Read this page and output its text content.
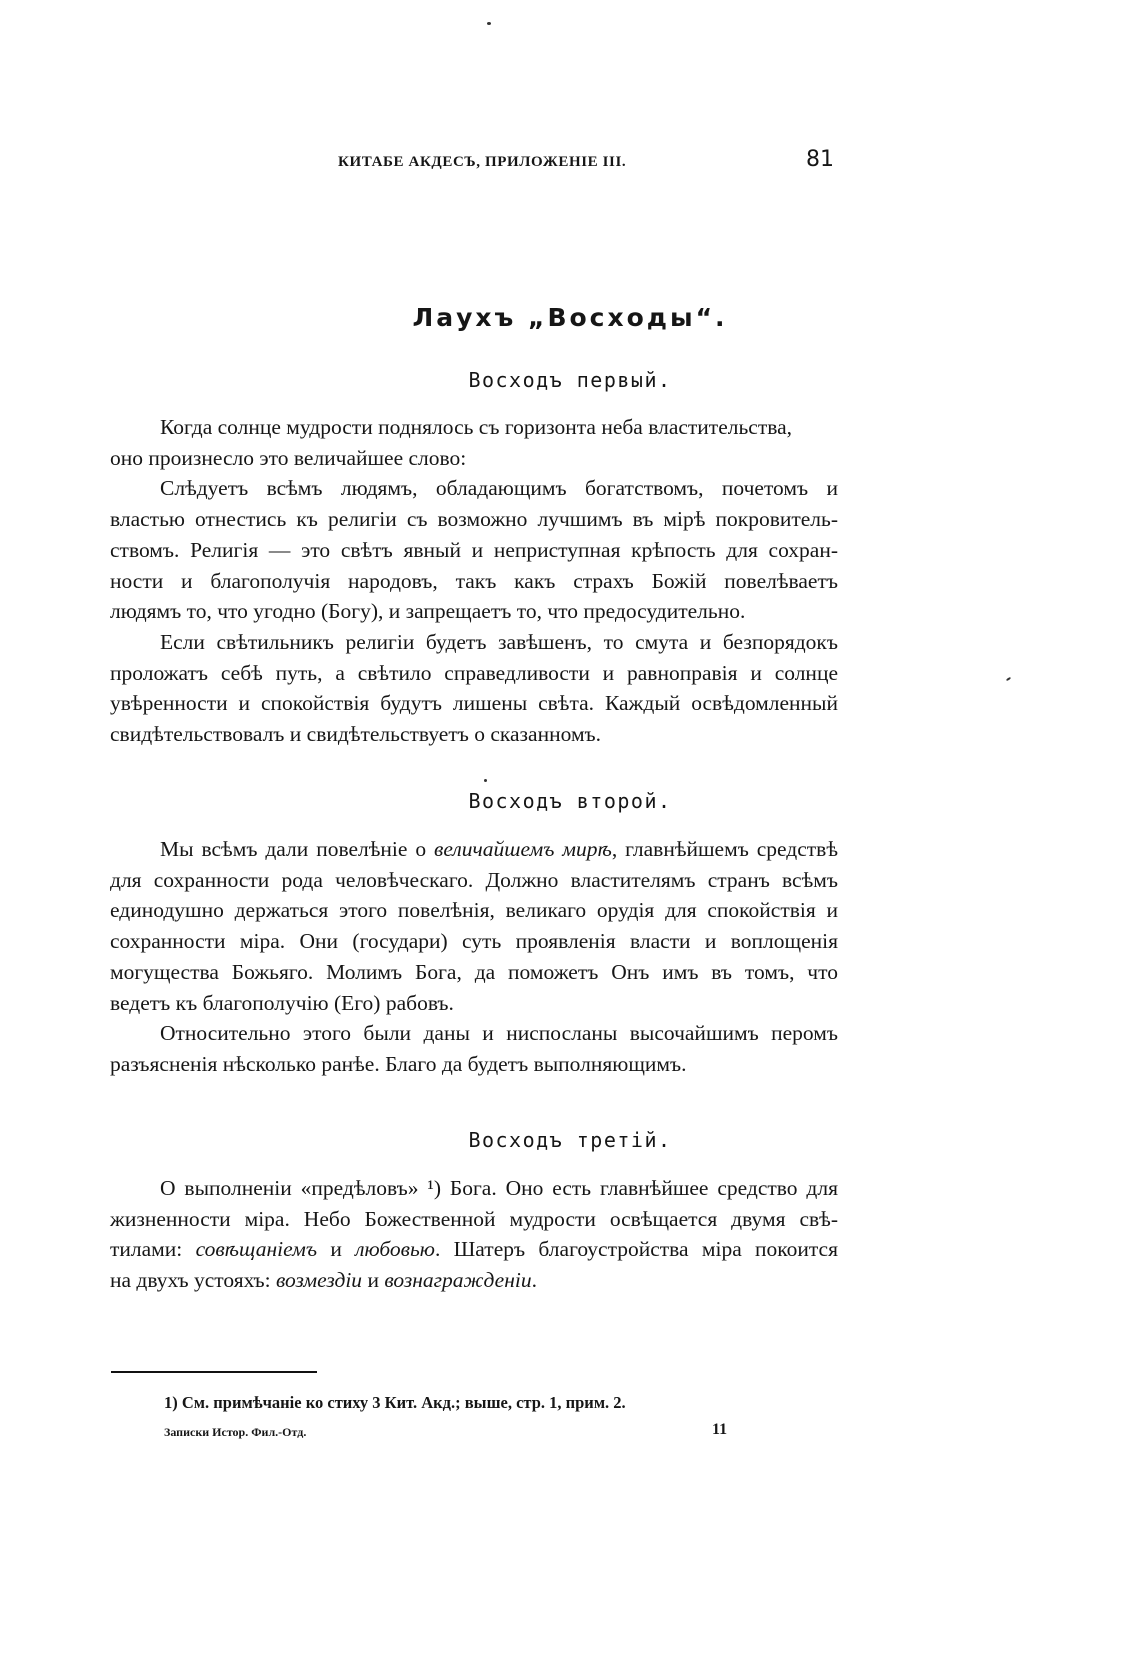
КИТАБЕ АКДЕСЪ, ПРИЛОЖЕНІЕ III.	81
Лаухъ „Восходы“.
Восходъ первый.
Когда солнце мудрости поднялось съ горизонта неба властительства,
оно произнесло это величайшее слово:
Слѣдуетъ всѣмъ людямъ, обладающимъ богатствомъ, почетомъ и
властью отнестись къ религіи съ возможно лучшимъ въ мірѣ покровитель-
ствомъ. Религія — это свѣтъ явный и неприступная крѣпость для сохран-
ности и благополучія народовъ, такъ какъ страхъ Божій повелѣваетъ
людямъ то, что угодно (Богу), и запрещаетъ то, что предосудительно.
Если свѣтильникъ религіи будетъ завѣшенъ, то смута и безпорядокъ
проложатъ себѣ путь, а свѣтило справедливости и равноправія и солнце
увѣренности и спокойствія будутъ лишены свѣта. Каждый освѣдомленный
свидѣтельствовалъ и свидѣтельствуетъ о сказанномъ.
Восходъ второй.
Мы всѣмъ дали повелѣніе о величайшемъ мирѣ, главнѣйшемъ средствѣ
для сохранности рода человѣческаго. Должно властителямъ странъ всѣмъ
единодушно держаться этого повелѣнія, великаго орудія для спокойствія и
сохранности міра. Они (государи) суть проявленія власти и воплощенія
могущества Божьяго. Молимъ Бога, да поможетъ Онъ имъ въ томъ, что
ведетъ къ благополучію (Его) рабовъ.
Относительно этого были даны и ниспосланы высочайшимъ перомъ
разъясненія нѣсколько ранѣе. Благо да будетъ выполняющимъ.
Восходъ третій.
О выполненіи «предѣловъ» ¹) Бога. Оно есть главнѣйшее средство для
жизненности міра. Небо Божественной мудрости освѣщается двумя свѣ-
тилами: совѣщаніемъ и любовью. Шатеръ благоустройства міра покоится
на двухъ устояхъ: возмездіи и вознагражденіи.
1) См. примѣчаніе ко стиху 3 Кит. Акд.; выше, стр. 1, прим. 2.
Записки Истор. Фил.-Отд.	11
